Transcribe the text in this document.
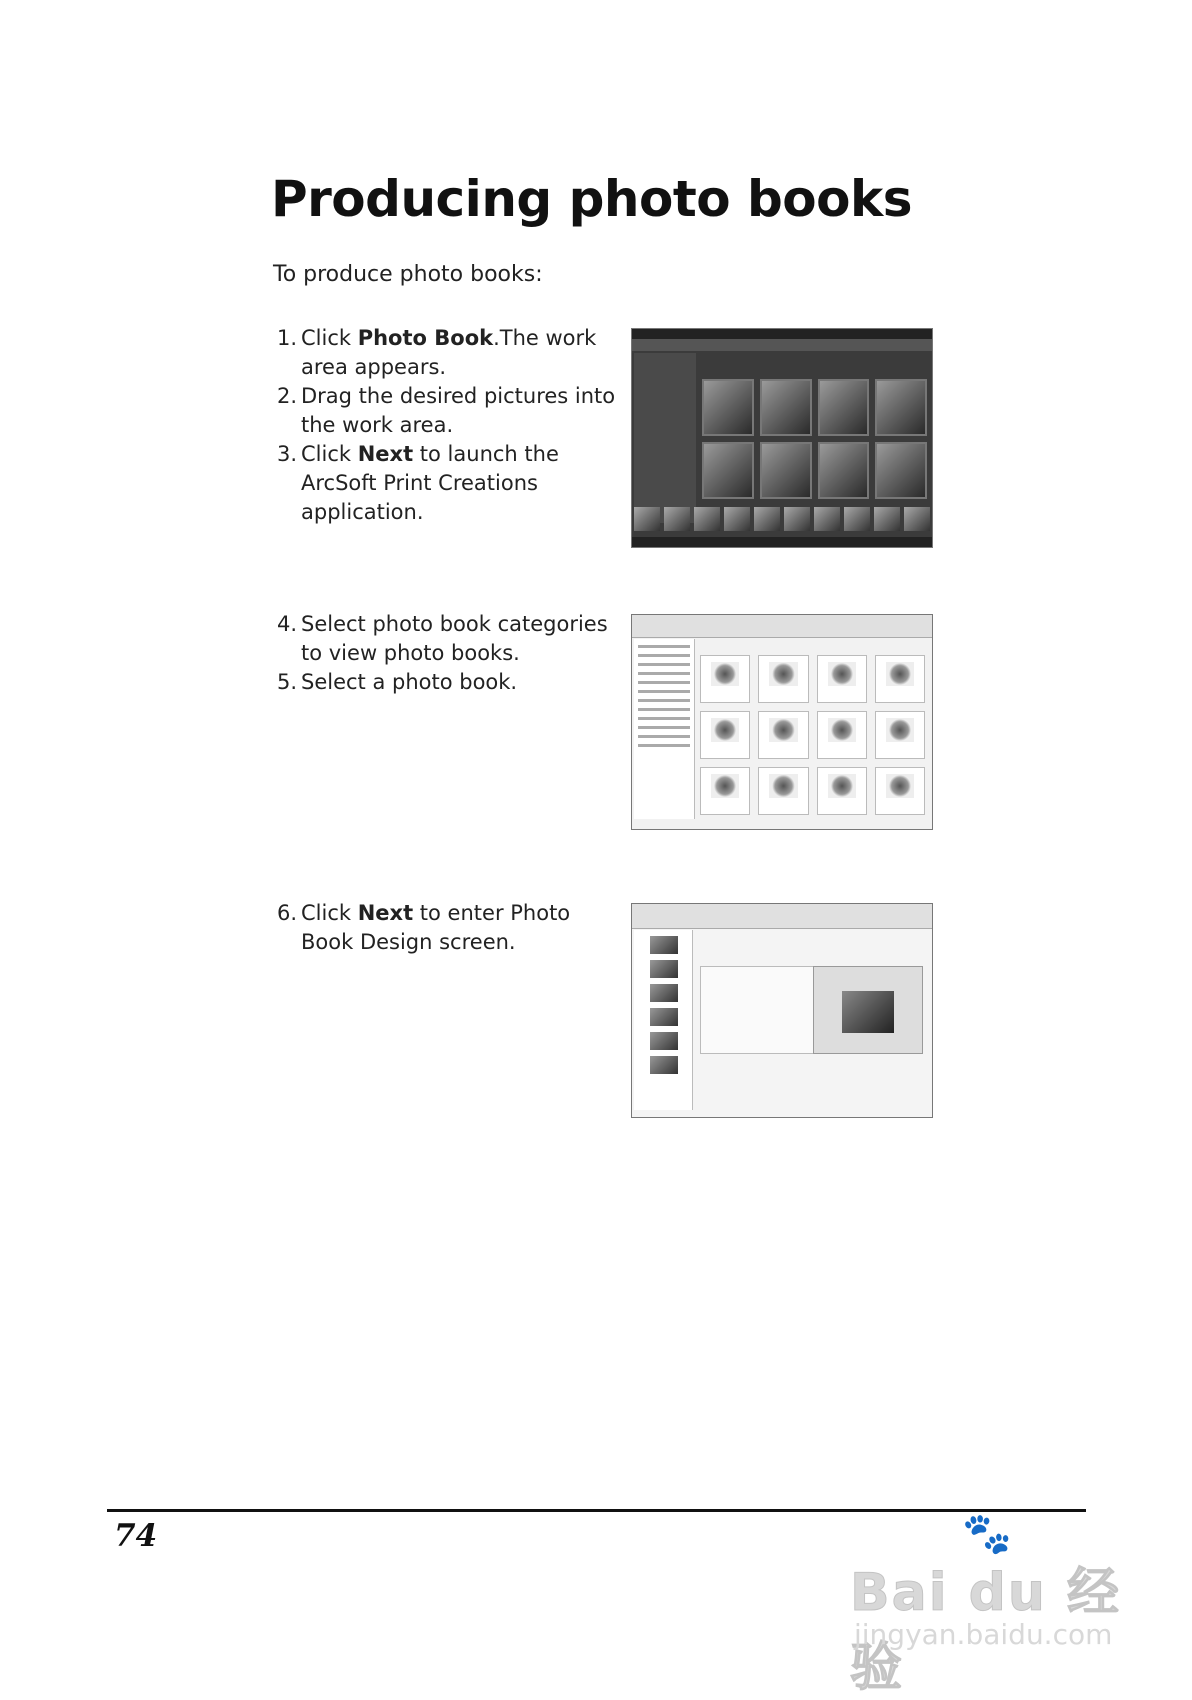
Producing photo books
To produce photo books:
1. Click Photo Book.The work area appears.
2. Drag the desired pictures into the work area.
3. Click Next to launch the ArcSoft Print Creations application.
4. Select photo book categories to view photo books.
5. Select a photo book.
6. Click Next to enter Photo Book Design screen.
74	🐾
Bai du 经验
jingyan.baidu.com
